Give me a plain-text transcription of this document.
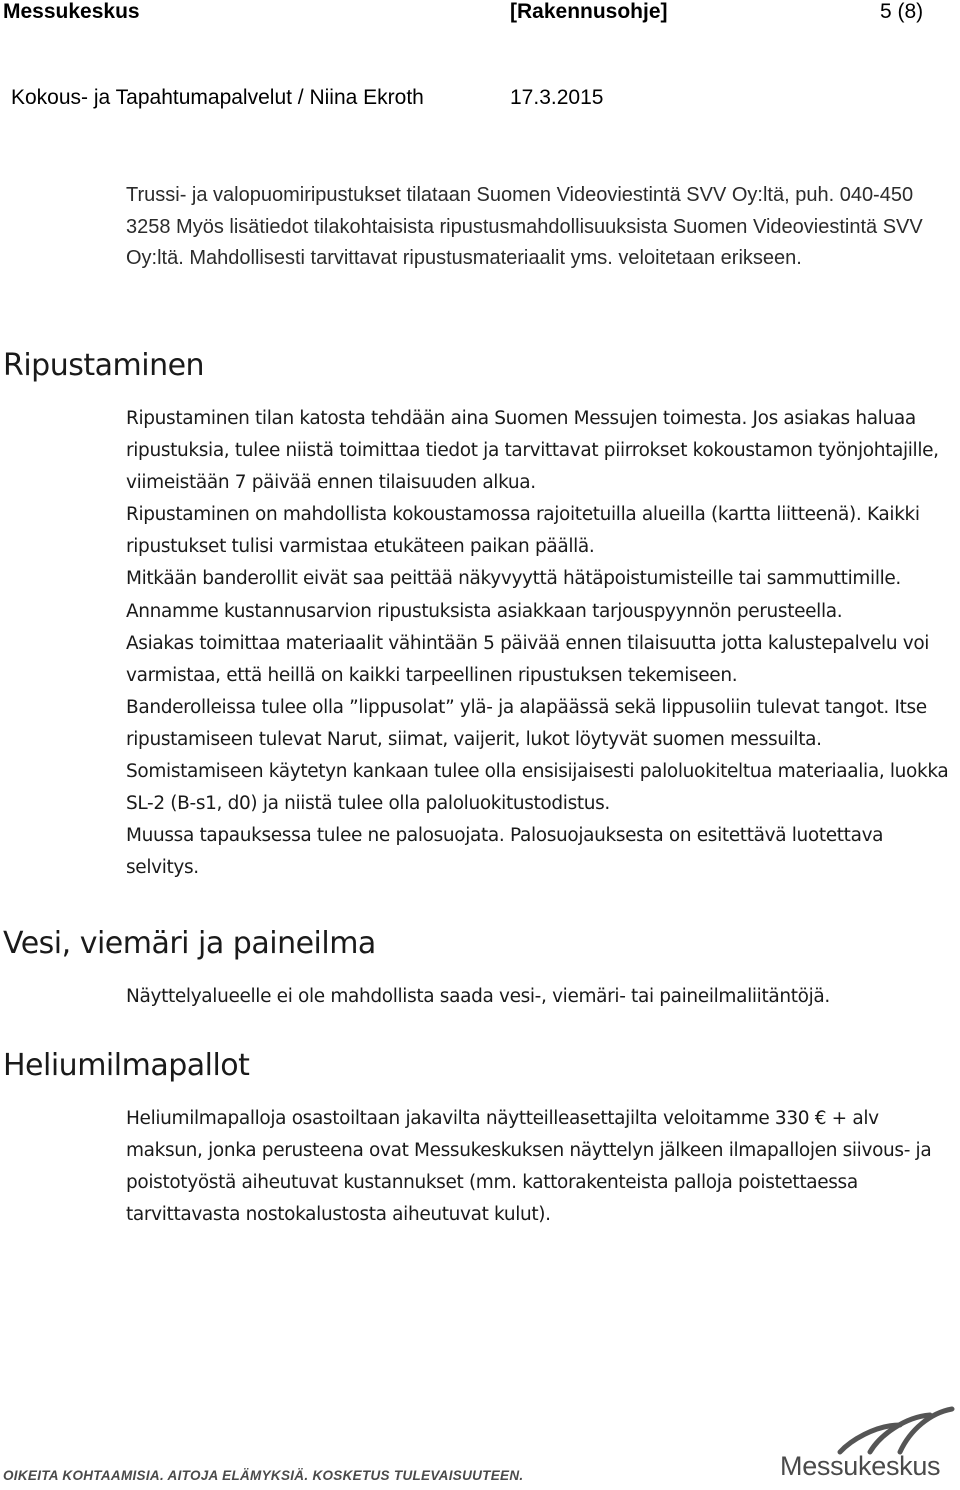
Messukeskus	[Rakennusohje]	5 (8)
Kokous- ja Tapahtumapalvelut / Niina Ekroth	17.3.2015

Trussi- ja valopuomiripustukset tilataan Suomen Videoviestintä SVV Oy:ltä, puh. 040-450 3258 Myös lisätiedot tilakohtaisista ripustusmahdollisuuksista Suomen Videoviestintä SVV Oy:ltä. Mahdollisesti tarvittavat ripustusmateriaalit yms. veloitetaan erikseen.

Ripustaminen

Ripustaminen tilan katosta tehdään aina Suomen Messujen toimesta. Jos asiakas haluaa ripustuksia, tulee niistä toimittaa tiedot ja tarvittavat piirrokset kokoustamon työnjohtajille, viimeistään 7 päivää ennen tilaisuuden alkua.

Ripustaminen on mahdollista kokoustamossa rajoitetuilla alueilla (kartta liitteenä). Kaikki ripustukset tulisi varmistaa etukäteen paikan päällä.

Mitkään banderollit eivät saa peittää näkyvyyttä hätäpoistumisteille tai sammuttimille.

Annamme kustannusarvion ripustuksista asiakkaan tarjouspyynnön perusteella.

Asiakas toimittaa materiaalit vähintään 5 päivää ennen tilaisuutta jotta kalustepalvelu voi varmistaa, että heillä on kaikki tarpeellinen ripustuksen tekemiseen.

Banderolleissa tulee olla ”lippusolat” ylä- ja alapäässä sekä lippusoliin tulevat tangot. Itse ripustamiseen tulevat Narut, siimat, vaijerit, lukot löytyvät suomen messuilta.

Somistamiseen käytetyn kankaan tulee olla ensisijaisesti paloluokiteltua materiaalia, luokka SL-2 (B-s1, d0) ja niistä tulee olla paloluokitustodistus.

Muussa tapauksessa tulee ne palosuojata. Palosuojauksesta on esitettävä luotettava selvitys.

Vesi, viemäri ja paineilma

Näyttelyalueelle ei ole mahdollista saada vesi-, viemäri- tai paineilmaliitäntöjä.

Heliumilmapallot

Heliumilmapalloja osastoiltaan jakavilta näytteilleasettajilta veloitamme 330 € + alv maksun, jonka perusteena ovat Messukeskuksen näyttelyn jälkeen ilmapallojen siivous- ja poistotyöstä aiheutuvat kustannukset (mm. kattorakenteista palloja poistettaessa tarvittavasta nostokalustosta aiheutuvat kulut).

OIKEITA KOHTAAMISIA. AITOJA ELÄMYKSIÄ. KOSKETUS TULEVAISUUTEEN.	Messukeskus
